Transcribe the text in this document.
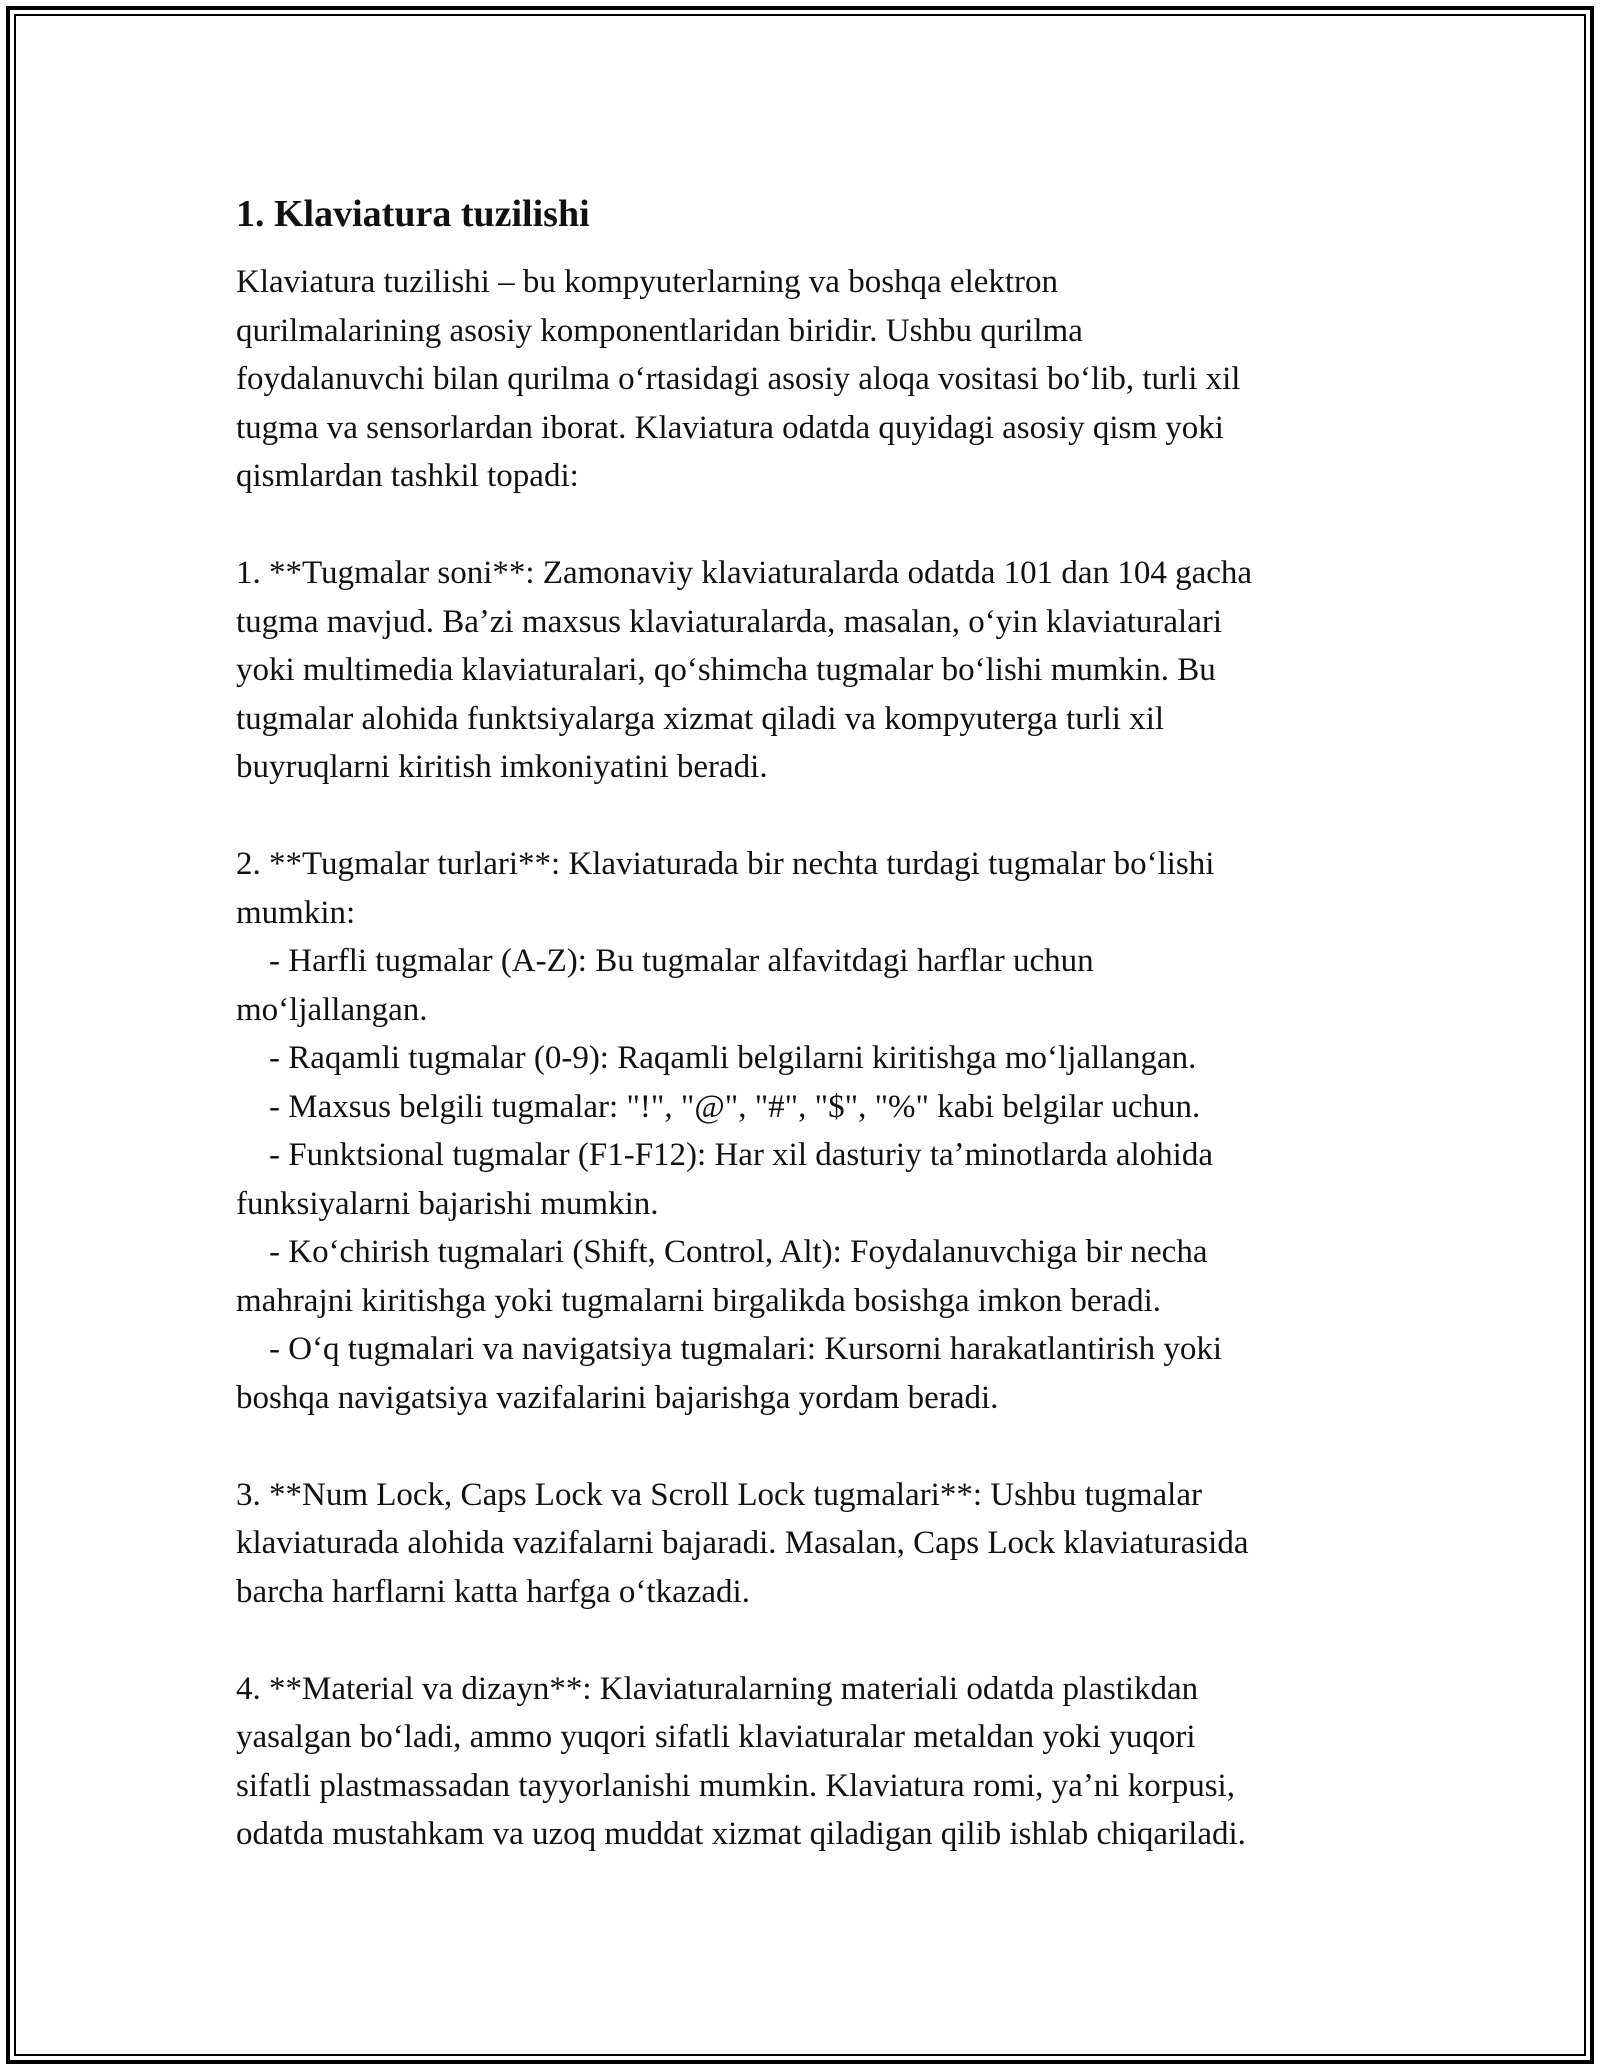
1. Klaviatura tuzilishi

Klaviatura tuzilishi – bu kompyuterlarning va boshqa elektron
qurilmalarining asosiy komponentlaridan biridir. Ushbu qurilma
foydalanuvchi bilan qurilma oʻrtasidagi asosiy aloqa vositasi boʻlib, turli xil
tugma va sensorlardan iborat. Klaviatura odatda quyidagi asosiy qism yoki
qismlardan tashkil topadi:

1. **Tugmalar soni**: Zamonaviy klaviaturalarda odatda 101 dan 104 gacha
tugma mavjud. Baʼzi maxsus klaviaturalarda, masalan, oʻyin klaviaturalari
yoki multimedia klaviaturalari, qoʻshimcha tugmalar boʻlishi mumkin. Bu
tugmalar alohida funktsiyalarga xizmat qiladi va kompyuterga turli xil
buyruqlarni kiritish imkoniyatini beradi.

2. **Tugmalar turlari**: Klaviaturada bir nechta turdagi tugmalar boʻlishi
mumkin:
- Harfli tugmalar (A-Z): Bu tugmalar alfavitdagi harflar uchun
moʻljallangan.
- Raqamli tugmalar (0-9): Raqamli belgilarni kiritishga moʻljallangan.
- Maxsus belgili tugmalar: "!", "@", "#", "$", "%" kabi belgilar uchun.
- Funktsional tugmalar (F1-F12): Har xil dasturiy taʼminotlarda alohida
funksiyalarni bajarishi mumkin.
- Koʻchirish tugmalari (Shift, Control, Alt): Foydalanuvchiga bir necha
mahrajni kiritishga yoki tugmalarni birgalikda bosishga imkon beradi.
- Oʻq tugmalari va navigatsiya tugmalari: Kursorni harakatlantirish yoki
boshqa navigatsiya vazifalarini bajarishga yordam beradi.

3. **Num Lock, Caps Lock va Scroll Lock tugmalari**: Ushbu tugmalar
klaviaturada alohida vazifalarni bajaradi. Masalan, Caps Lock klaviaturasida
barcha harflarni katta harfga oʻtkazadi.

4. **Material va dizayn**: Klaviaturalarning materiali odatda plastikdan
yasalgan boʻladi, ammo yuqori sifatli klaviaturalar metaldan yoki yuqori
sifatli plastmassadan tayyorlanishi mumkin. Klaviatura romi, yaʼni korpusi,
odatda mustahkam va uzoq muddat xizmat qiladigan qilib ishlab chiqariladi.
